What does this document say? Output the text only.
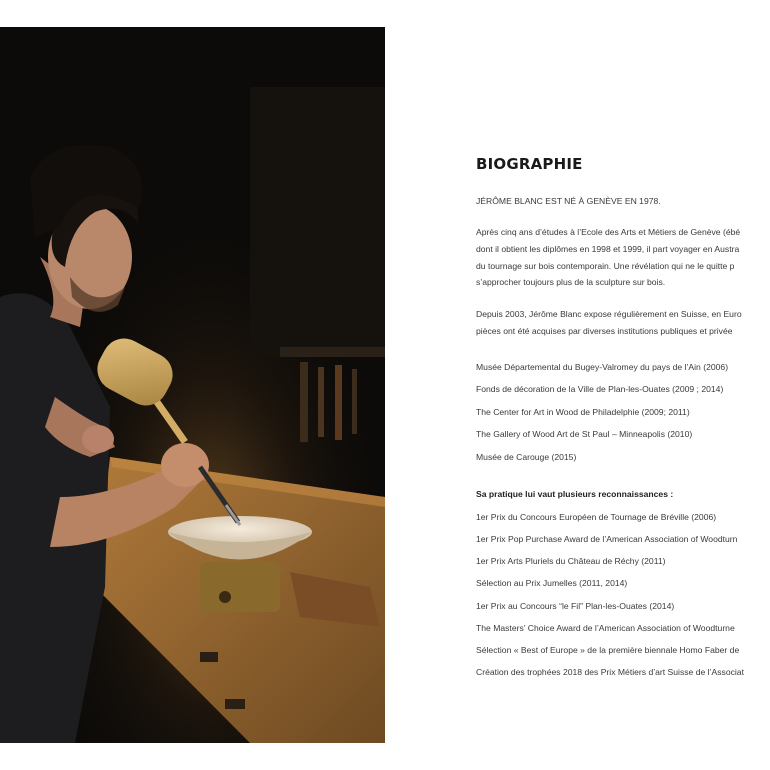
BIOGRAPHIE
JÉRÔME BLANC EST NÉ À GENÈVE EN 1978.
Après cinq ans d’études à l’Ecole des Arts et Métiers de Genève (ébé
dont il obtient les diplômes en 1998 et 1999, il part voyager en Austra
du tournage sur bois contemporain. Une révélation qui ne le quitte p
s’approcher toujours plus de la sculpture sur bois.
Depuis 2003, Jérôme Blanc expose régulièrement en Suisse, en Euro
pièces ont été acquises par diverses institutions publiques et privée
Musée Départemental du Bugey-Valromey du pays de l’Ain (2006)
Fonds de décoration de la Ville de Plan-les-Ouates (2009 ; 2014)
The Center for Art in Wood de Philadelphie (2009; 2011)
The Gallery of Wood Art de St Paul – Minneapolis (2010)
Musée de Carouge (2015)
Sa pratique lui vaut plusieurs reconnaissances :
1er Prix du Concours Européen de Tournage de Bréville (2006)
1er Prix Pop Purchase Award de l’American Association of Woodturn
1er Prix Arts Pluriels du Château de Réchy (2011)
Sélection au Prix Jumelles (2011, 2014)
1er Prix au Concours “le Fil” Plan-les-Ouates (2014)
The Masters’ Choice Award de l’American Association of Woodturne
Sélection « Best of Europe » de la première biennale Homo Faber de
Création des trophées 2018 des Prix Métiers d’art Suisse de l’Associat
